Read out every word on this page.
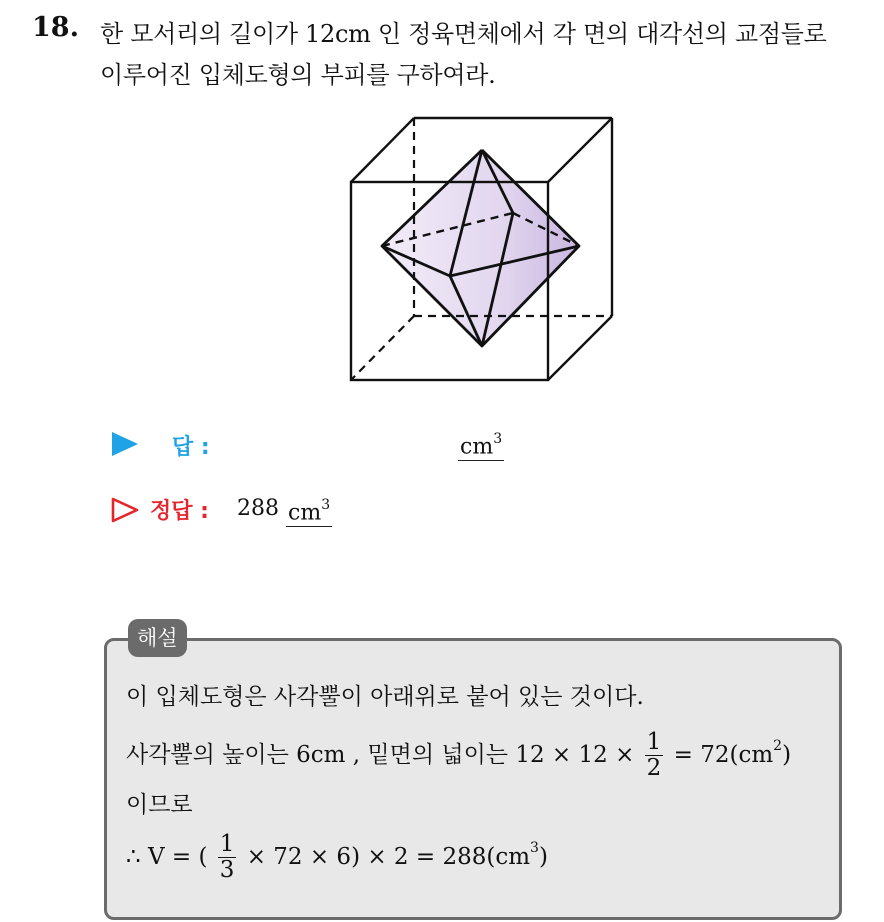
18. 한 모서리의 길이가 12cm 인 정육면체에서 각 면의 대각선의 교점들로
이루어진 입체도형의 부피를 구하여라.
답 :	$cm^3$
정답 : 288 $cm^3$
해설
이 입체도형은 사각뿔이 아래위로 붙어 있는 것이다.
사각뿔의 높이는 6cm , 밑면의 넓이는 $12 \times 12 \times \frac{1}{2} = 72(cm^2)$
이므로
∴ V = ( $\frac{1}{3} \times 72 \times 6) \times 2 = 288(cm^3)$
